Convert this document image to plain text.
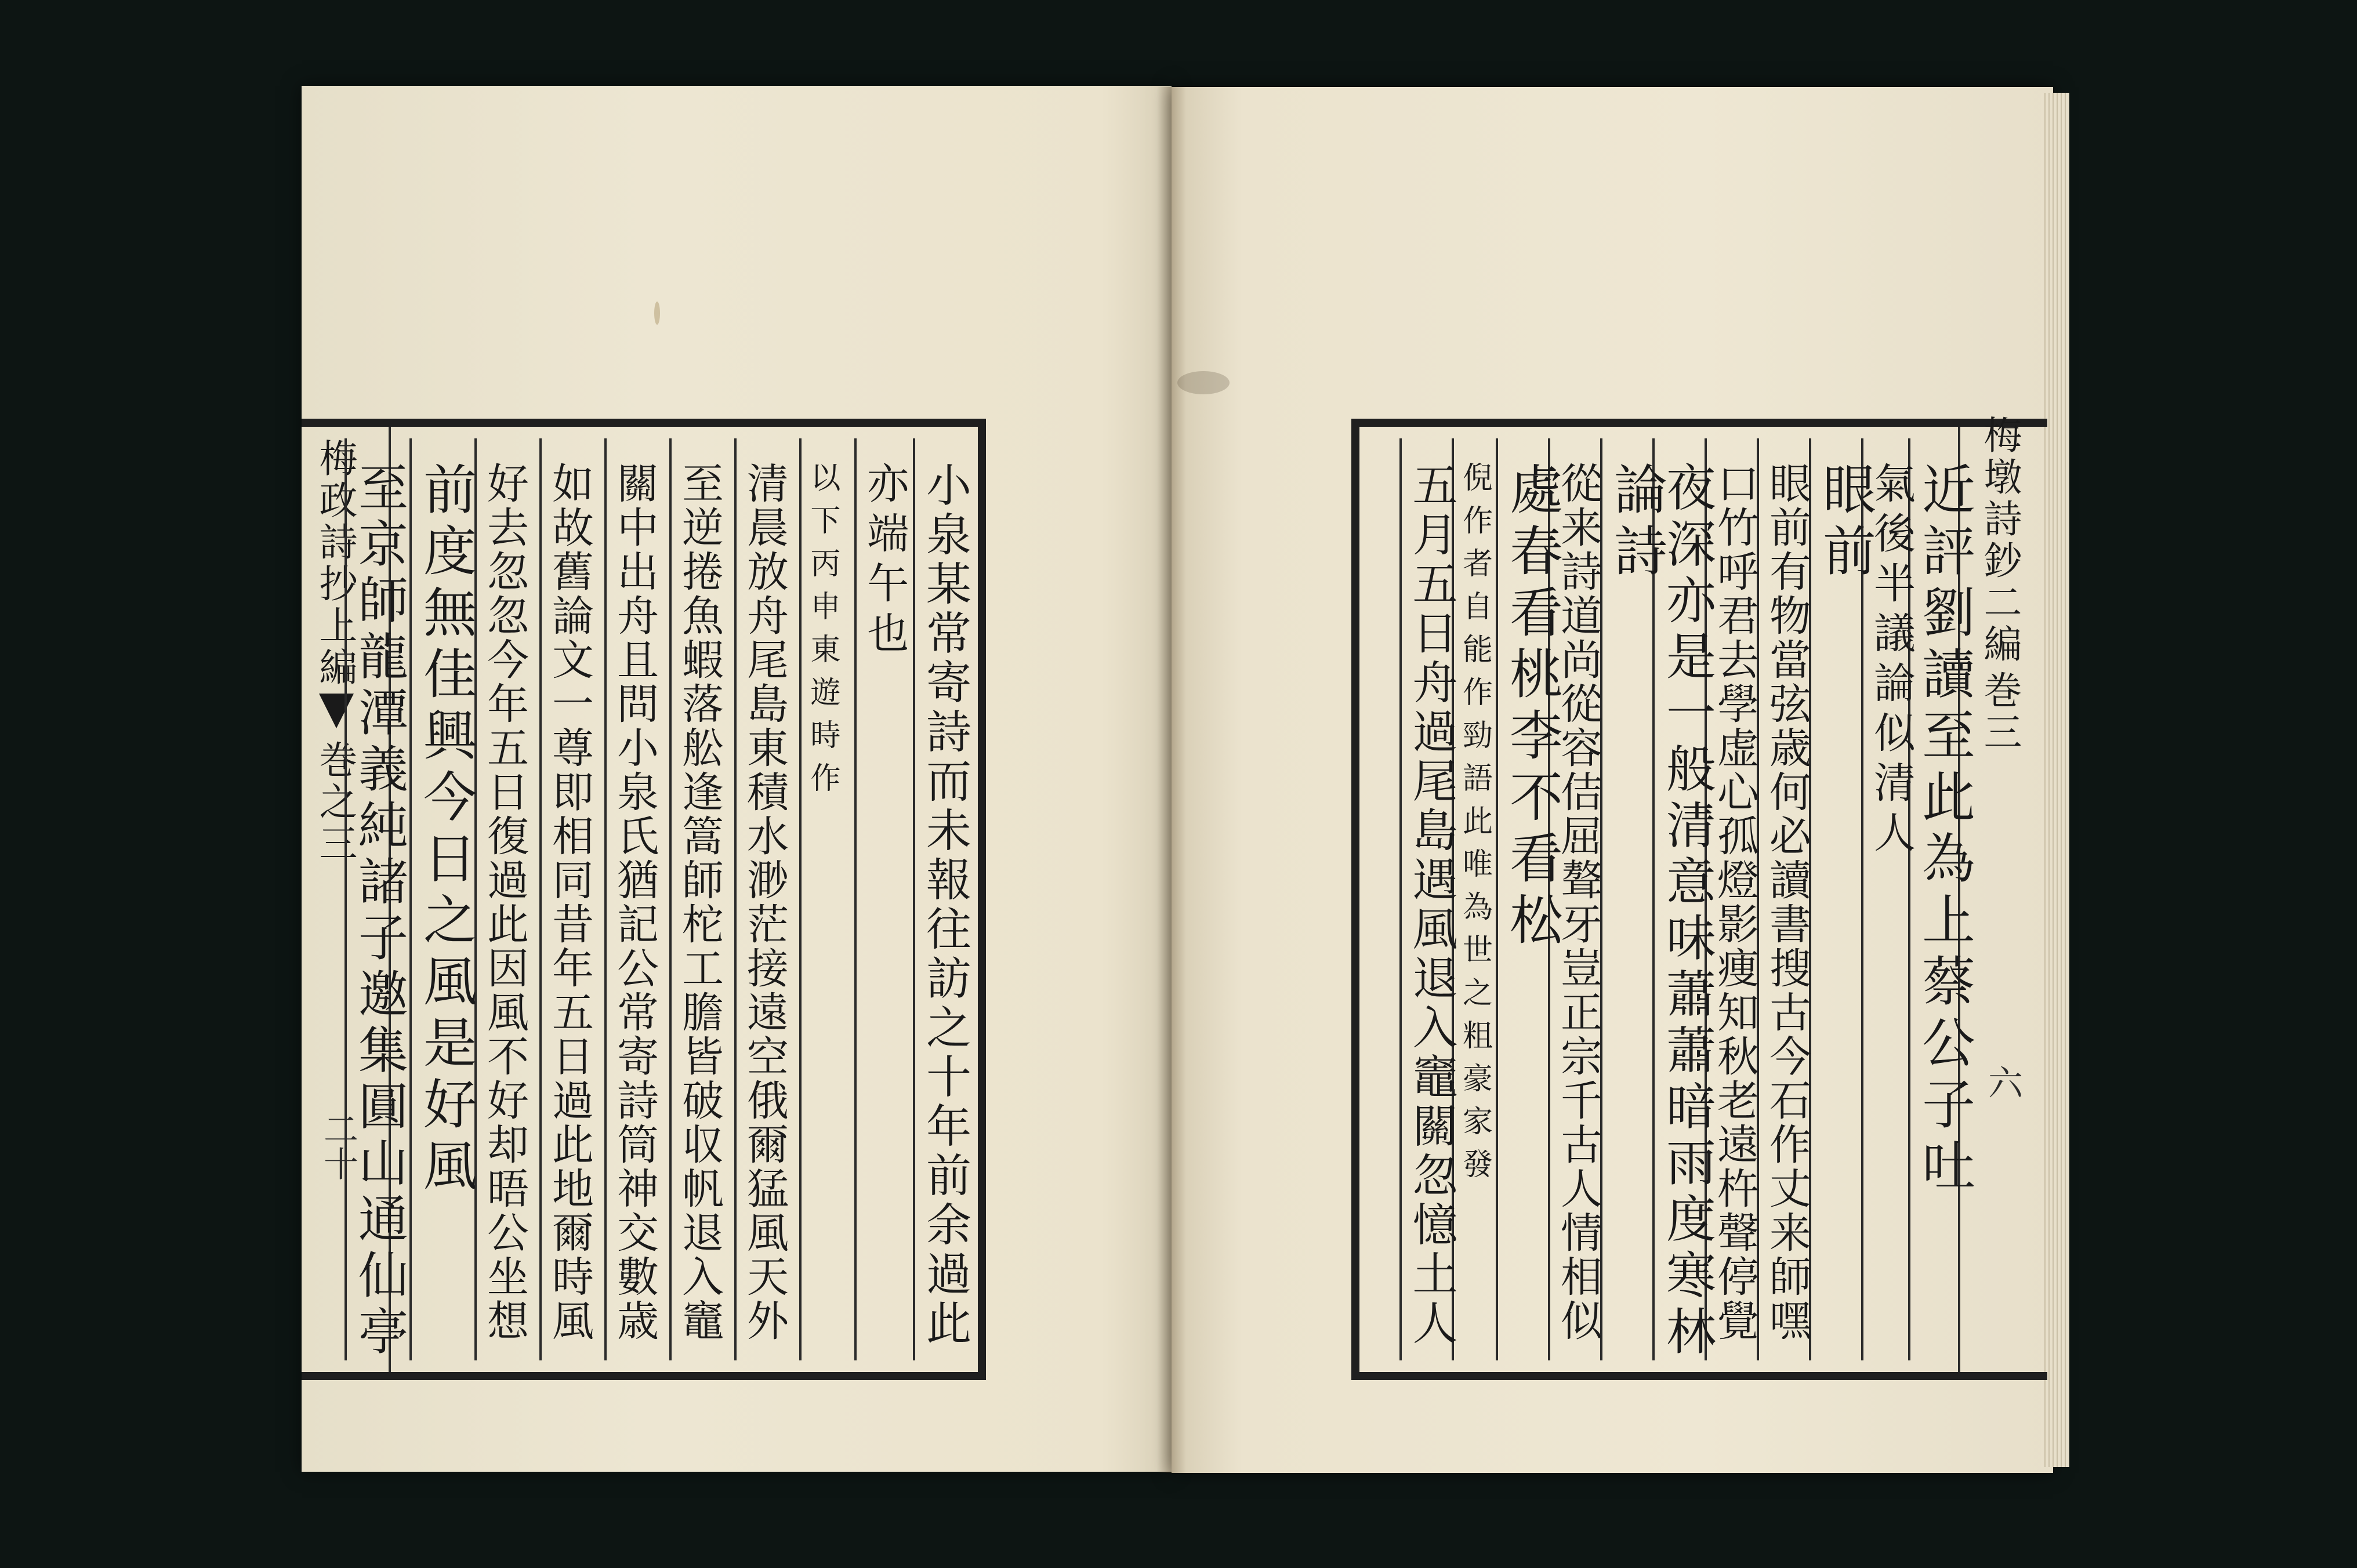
梅政詩抄上編
巻之三
二十	小泉某常寄詩而未報往訪之十年前余過此
亦端午也
以下丙申東遊時作
清晨放舟尾島東積水渺茫接遠空俄爾猛風天外
至逆捲魚蝦落舩逢篙師柁工膽皆破収帆退入竈
關中出舟且問小泉氏猶記公常寄詩筒神交數歳
如故舊論文一尊即相同昔年五日過此地爾時風
好去忽忽今年五日復過此因風不好却晤公坐想
前度無佳興今日之風是好風
至京師龍潭義純諸子邀集圓山通仙亭	梅墩詩鈔二編
巻三
六
近評劉讀至此為上蔡公子吐
氣後半議論似清人
眼前
眼前有物當弦歳何必讀書搜古今石作丈来師嘿
口竹呼君去學虚心孤燈影痩知秋老遠杵聲停覺
夜深亦是一般清意味蕭蕭暗雨度寒林
論詩
從来詩道尚從容佶屈聱牙豈正宗千古人情相似
處春看桃李不看松
倪作者自能作勁語此唯為世之粗豪家發
五月五日舟過尾島遇風退入竈關忽憶土人
